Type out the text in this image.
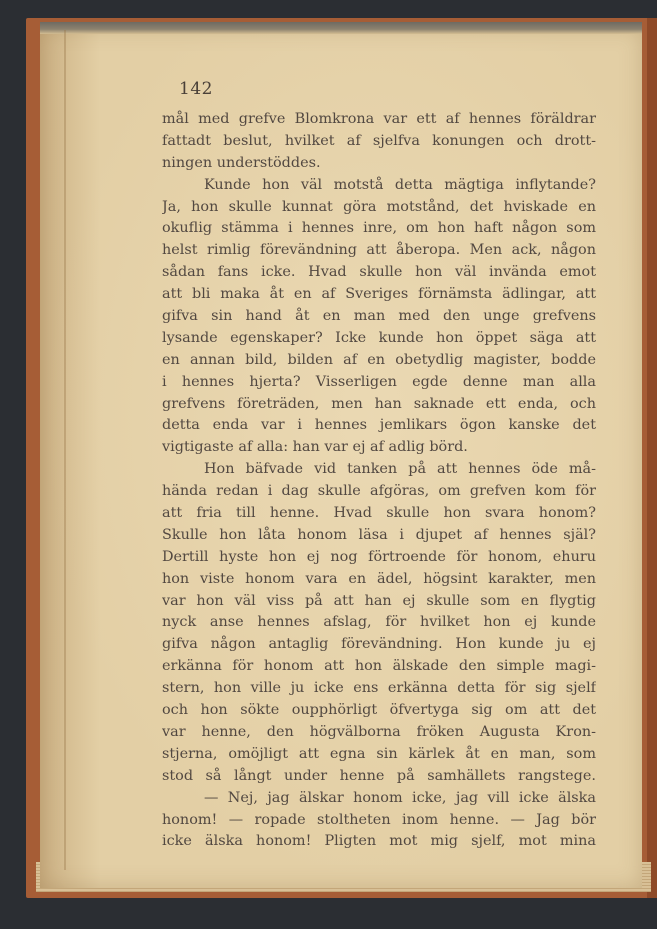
142

mål med grefve Blomkrona var ett af hennes föräldrar
fattadt beslut, hvilket af sjelfva konungen och drott-
ningen understöddes.
Kunde hon väl motstå detta mägtiga inflytande?
Ja, hon skulle kunnat göra motstånd, det hviskade en
okuflig stämma i hennes inre, om hon haft någon som
helst rimlig förevändning att åberopa. Men ack, någon
sådan fans icke. Hvad skulle hon väl invända emot
att bli maka åt en af Sveriges förnämsta ädlingar, att
gifva sin hand åt en man med den unge grefvens
lysande egenskaper? Icke kunde hon öppet säga att
en annan bild, bilden af en obetydlig magister, bodde
i hennes hjerta? Visserligen egde denne man alla
grefvens företräden, men han saknade ett enda, och
detta enda var i hennes jemlikars ögon kanske det
vigtigaste af alla: han var ej af adlig börd.
Hon bäfvade vid tanken på att hennes öde må-
hända redan i dag skulle afgöras, om grefven kom för
att fria till henne. Hvad skulle hon svara honom?
Skulle hon låta honom läsa i djupet af hennes själ?
Dertill hyste hon ej nog förtroende för honom, ehuru
hon viste honom vara en ädel, högsint karakter, men
var hon väl viss på att han ej skulle som en flygtig
nyck anse hennes afslag, för hvilket hon ej kunde
gifva någon antaglig förevändning. Hon kunde ju ej
erkänna för honom att hon älskade den simple magi-
stern, hon ville ju icke ens erkänna detta för sig sjelf
och hon sökte oupphörligt öfvertyga sig om att det
var henne, den högvälborna fröken Augusta Kron-
stjerna, omöjligt att egna sin kärlek åt en man, som
stod så långt under henne på samhällets rangstege.
— Nej, jag älskar honom icke, jag vill icke älska
honom! — ropade stoltheten inom henne. — Jag bör
icke älska honom! Pligten mot mig sjelf, mot mina
